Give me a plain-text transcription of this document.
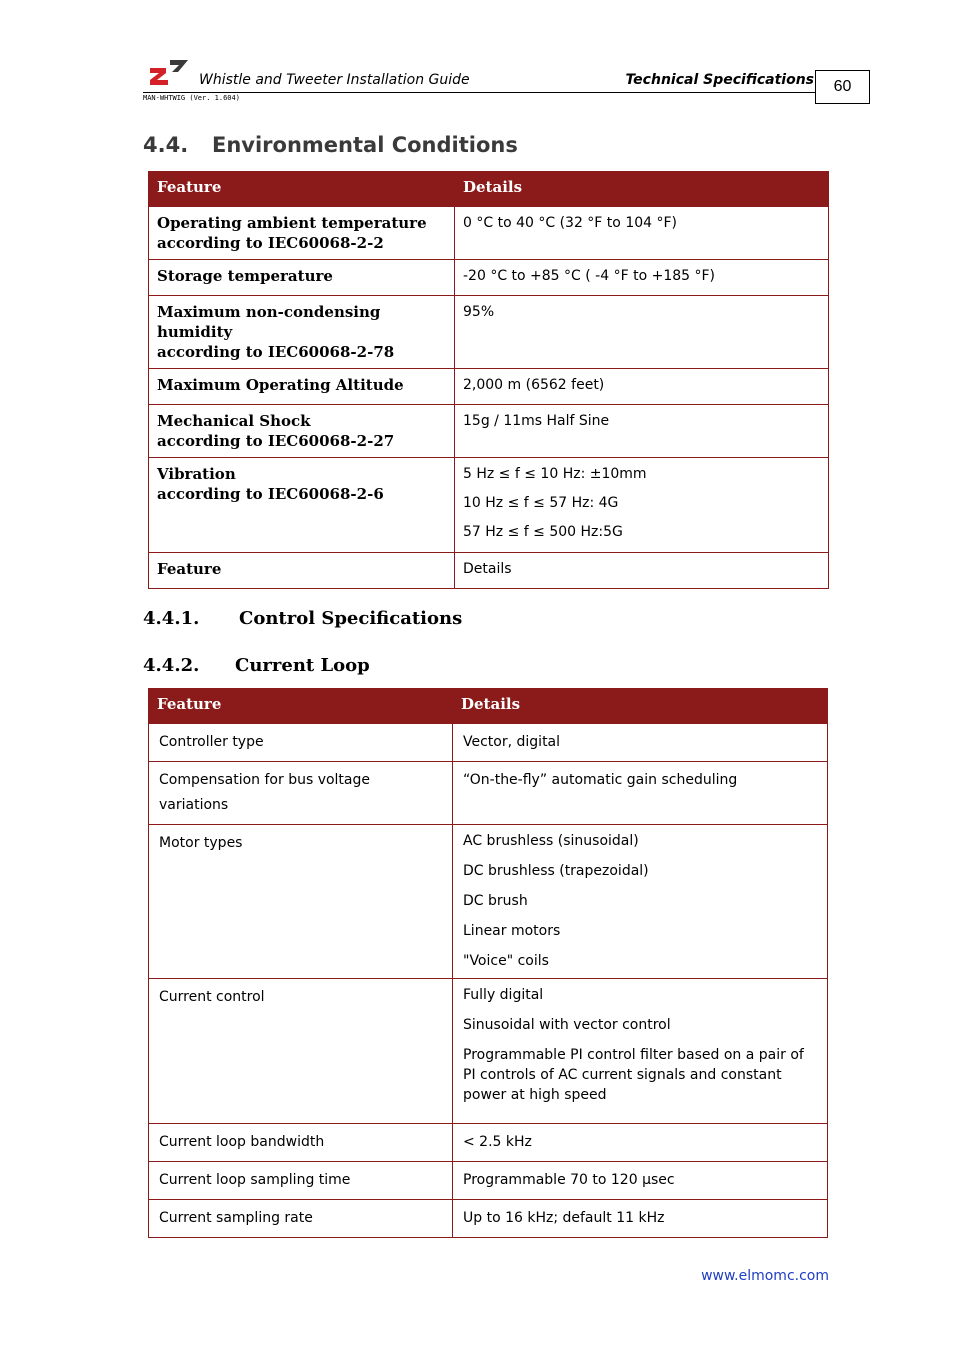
Whistle and Tweeter Installation Guide	Technical Specifications
MAN-WHTWIG (Ver. 1.604)
60
4.4. Environmental Conditions
Feature	Details

Operating ambient temperature
according to IEC60068-2-2	0 °C to 40 °C (32 °F to 104 °F)

Storage temperature	-20 °C to +85 °C ( -4 °F to +185 °F)

Maximum non-condensing
humidity
according to IEC60068-2-78	95%

Maximum Operating Altitude	2,000 m (6562 feet)

Mechanical Shock
according to IEC60068-2-27	15g / 11ms Half Sine

Vibration
according to IEC60068-2-6	5 Hz ≤ f ≤ 10 Hz: ±10mm
10 Hz ≤ f ≤ 57 Hz: 4G
57 Hz ≤ f ≤ 500 Hz:5G

Feature	Details
4.4.1. Control Specifications
4.4.2. Current Loop
Feature	Details

Controller type	Vector, digital

Compensation for bus voltage
variations	“On-the-fly” automatic gain scheduling

Motor types	AC brushless (sinusoidal)
DC brushless (trapezoidal)
DC brush
Linear motors
"Voice" coils

Current control	Fully digital
Sinusoidal with vector control
Programmable PI control filter based on a pair of PI controls of AC current signals and constant power at high speed

Current loop bandwidth	< 2.5 kHz

Current loop sampling time	Programmable 70 to 120 μsec

Current sampling rate	Up to 16 kHz; default 11 kHz
www.elmomc.com
